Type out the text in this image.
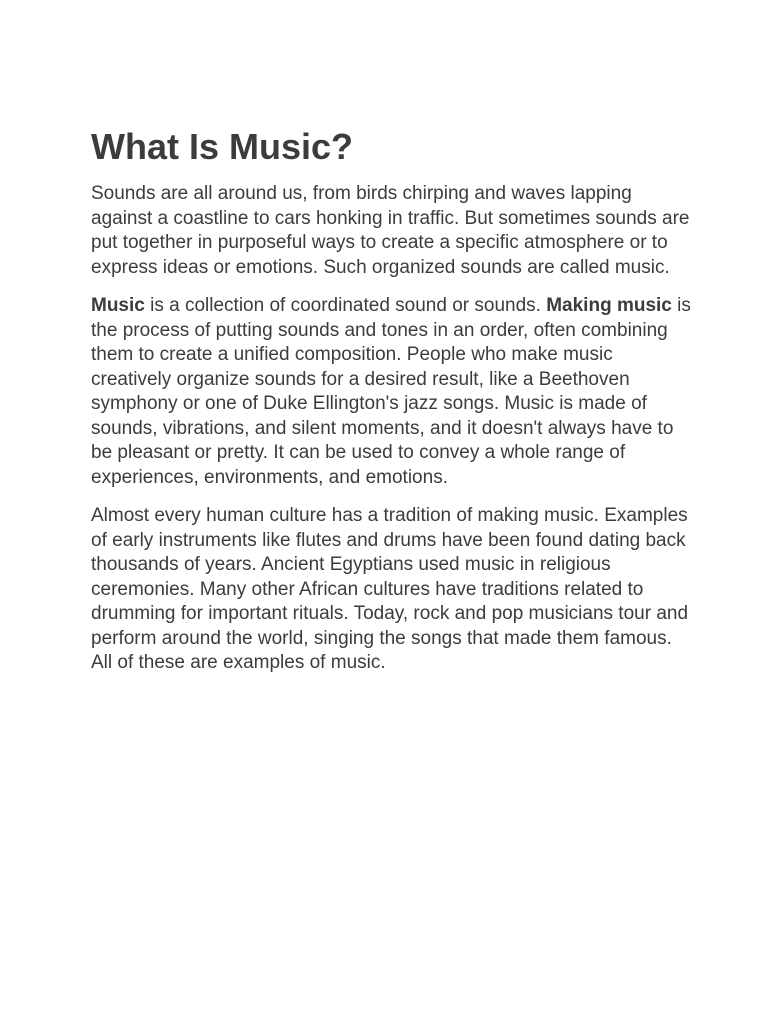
What Is Music?

Sounds are all around us, from birds chirping and waves lapping against a coastline to cars honking in traffic. But sometimes sounds are put together in purposeful ways to create a specific atmosphere or to express ideas or emotions. Such organized sounds are called music.

Music is a collection of coordinated sound or sounds. Making music is the process of putting sounds and tones in an order, often combining them to create a unified composition. People who make music creatively organize sounds for a desired result, like a Beethoven symphony or one of Duke Ellington's jazz songs. Music is made of sounds, vibrations, and silent moments, and it doesn't always have to be pleasant or pretty. It can be used to convey a whole range of experiences, environments, and emotions.

Almost every human culture has a tradition of making music. Examples of early instruments like flutes and drums have been found dating back thousands of years. Ancient Egyptians used music in religious ceremonies. Many other African cultures have traditions related to drumming for important rituals. Today, rock and pop musicians tour and perform around the world, singing the songs that made them famous. All of these are examples of music.
